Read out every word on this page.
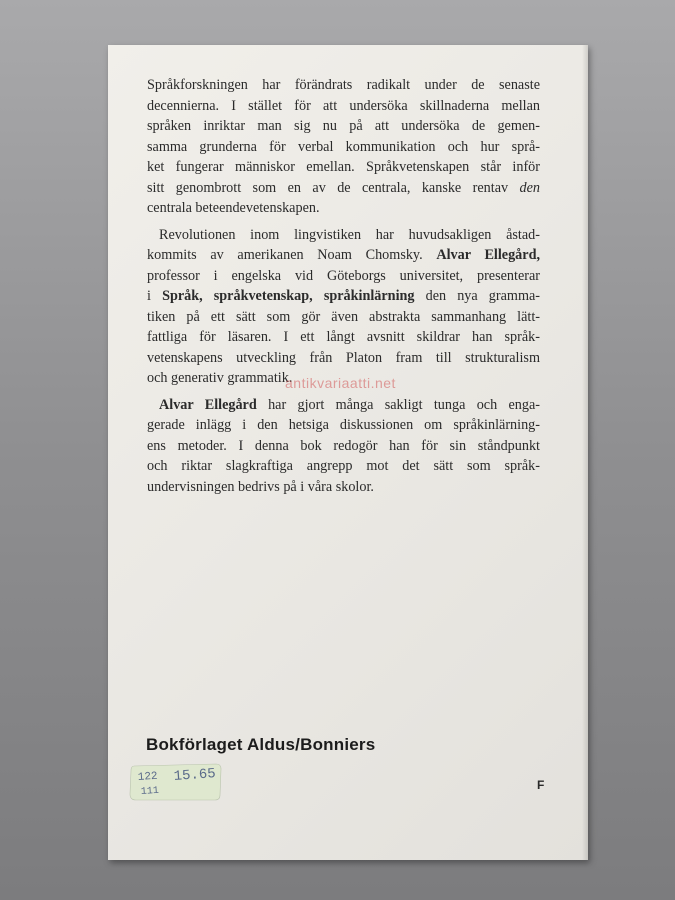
Språkforskningen har förändrats radikalt under de senaste
decennierna. I stället för att undersöka skillnaderna mellan
språken inriktar man sig nu på att undersöka de gemen-
samma grunderna för verbal kommunikation och hur språ-
ket fungerar människor emellan. Språkvetenskapen står inför
sitt genombrott som en av de centrala, kanske rentav den
centrala beteendevetenskapen.
Revolutionen inom lingvistiken har huvudsakligen åstad-
kommits av amerikanen Noam Chomsky. Alvar Ellegård,
professor i engelska vid Göteborgs universitet, presenterar
i Språk, språkvetenskap, språkinlärning den nya gramma-
tiken på ett sätt som gör även abstrakta sammanhang lätt-
fattliga för läsaren. I ett långt avsnitt skildrar han språk-
vetenskapens utveckling från Platon fram till strukturalism
och generativ grammatik.
Alvar Ellegård har gjort många sakligt tunga och enga-
gerade inlägg i den hetsiga diskussionen om språkinlärning-
ens metoder. I denna bok redogör han för sin ståndpunkt
och riktar slagkraftiga angrepp mot det sätt som språk-
undervisningen bedrivs på i våra skolor.
antikvariaatti.net
Bokförlaget Aldus/Bonniers
F
122 15.65
111
